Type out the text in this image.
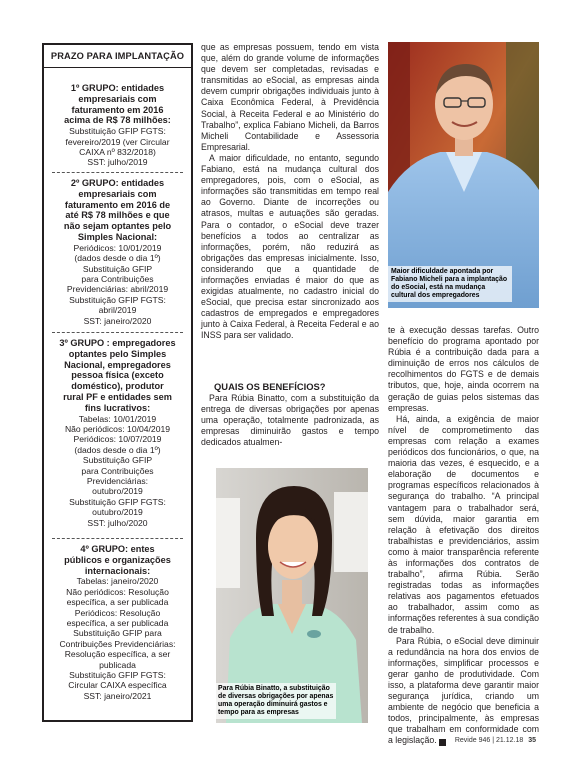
PRAZO PARA IMPLANTAÇÃO
1º GRUPO: entidades
empresariais com
faturamento em 2016
acima de R$ 78 milhões:
Substituição GFIP FGTS:
fevereiro/2019 (ver Circular
CAIXA nº 832/2018)
SST: julho/2019
2º GRUPO: entidades
empresariais com
faturamento em 2016 de
até R$ 78 milhões e que
não sejam optantes pelo
Simples Nacional:
Periódicos: 10/01/2019
(dados desde o dia 1º)
Substituição GFIP
para Contribuições
Previdenciárias: abril/2019
Substituição GFIP FGTS:
abril/2019
SST: janeiro/2020
3º GRUPO : empregadores
optantes pelo Simples
Nacional, empregadores
pessoa física (exceto
doméstico), produtor
rural PF e entidades sem
fins lucrativos:
Tabelas: 10/01/2019
Não periódicos: 10/04/2019
Periódicos: 10/07/2019
(dados desde o dia 1º)
Substituição GFIP
para Contribuições
Previdenciárias:
outubro/2019
Substituição GFIP FGTS:
outubro/2019
SST: julho/2020
4º GRUPO: entes
públicos e organizações
internacionais:
Tabelas: janeiro/2020
Não periódicos: Resolução
específica, a ser publicada
Periódicos: Resolução
específica, a ser publicada
Substituição GFIP para
Contribuições Previdenciárias:
Resolução específica, a ser
publicada
Substituição GFIP FGTS:
Circular CAIXA específica
SST: janeiro/2021

que as empresas possuem, tendo em vista que, além do grande volume de informações que devem ser completadas, revisadas e transmitidas ao eSocial, as empresas ainda devem cumprir obrigações individuais junto à Caixa Econômica Federal, à Previdência Social, à Receita Federal e ao Ministério do Trabalho”, explica Fabiano Micheli, da Barros Micheli Contabilidade e Assessoria Empresarial.

A maior dificuldade, no entanto, segundo Fabiano, está na mudança cultural dos empregadores, pois, com o eSocial, as informações são transmitidas em tempo real ao Governo. Diante de incorreções ou atrasos, multas e autuações são geradas. Para o contador, o eSocial deve trazer benefícios a todos ao centralizar as informações, porém, não reduzirá as obrigações das empresas inicialmente. Isso, considerando que a quantidade de informações enviadas é maior do que as exigidas atualmente, no cadastro inicial do eSocial, que precisa estar sincronizado aos cadastros de empregados e empregadores junto à Caixa Federal, à Receita Federal e ao INSS para ser validado.

QUAIS OS BENEFÍCIOS?

Para Rúbia Binatto, com a substituição da entrega de diversas obrigações por apenas uma operação, totalmente padronizada, as empresas diminuirão gastos e tempo dedicados atualmen-

Maior dificuldade apontada por
Fabiano Micheli para a implantação
do eSocial, está na mudança
cultural dos empregadores
Para Rúbia Binatto, a substituição
de diversas obrigações por apenas
uma operação diminuirá gastos e
tempo para as empresas

te à execução dessas tarefas. Outro benefício do programa apontado por Rúbia é a contribuição dada para a diminuição de erros nos cálculos de recolhimentos do FGTS e de demais tributos, que, hoje, ainda ocorrem na geração de guias pelos sistemas das empresas.

Há, ainda, a exigência de maior nível de comprometimento das empresas com relação a exames periódicos dos funcionários, o que, na maioria das vezes, é esquecido, e a elaboração de documentos e programas específicos relacionados à segurança do trabalho. “A principal vantagem para o trabalhador será, sem dúvida, maior garantia em relação à efetivação dos direitos trabalhistas e previdenciários, assim como à maior transparência referente às informações dos contratos de trabalho”, afirma Rúbia. Serão registradas todas as informações relativas aos pagamentos efetuados ao trabalhador, assim como as informações referentes à sua condição de trabalho.

Para Rúbia, o eSocial deve diminuir a redundância na hora dos envios de informações, simplificar processos e gerar ganho de produtividade. Com isso, a plataforma deve garantir maior segurança jurídica, criando um ambiente de negócio que beneficia a todos, principalmente, às empresas que trabalham em conformidade com a legislação. ▾ Revide 946 | 21.12.18 35
